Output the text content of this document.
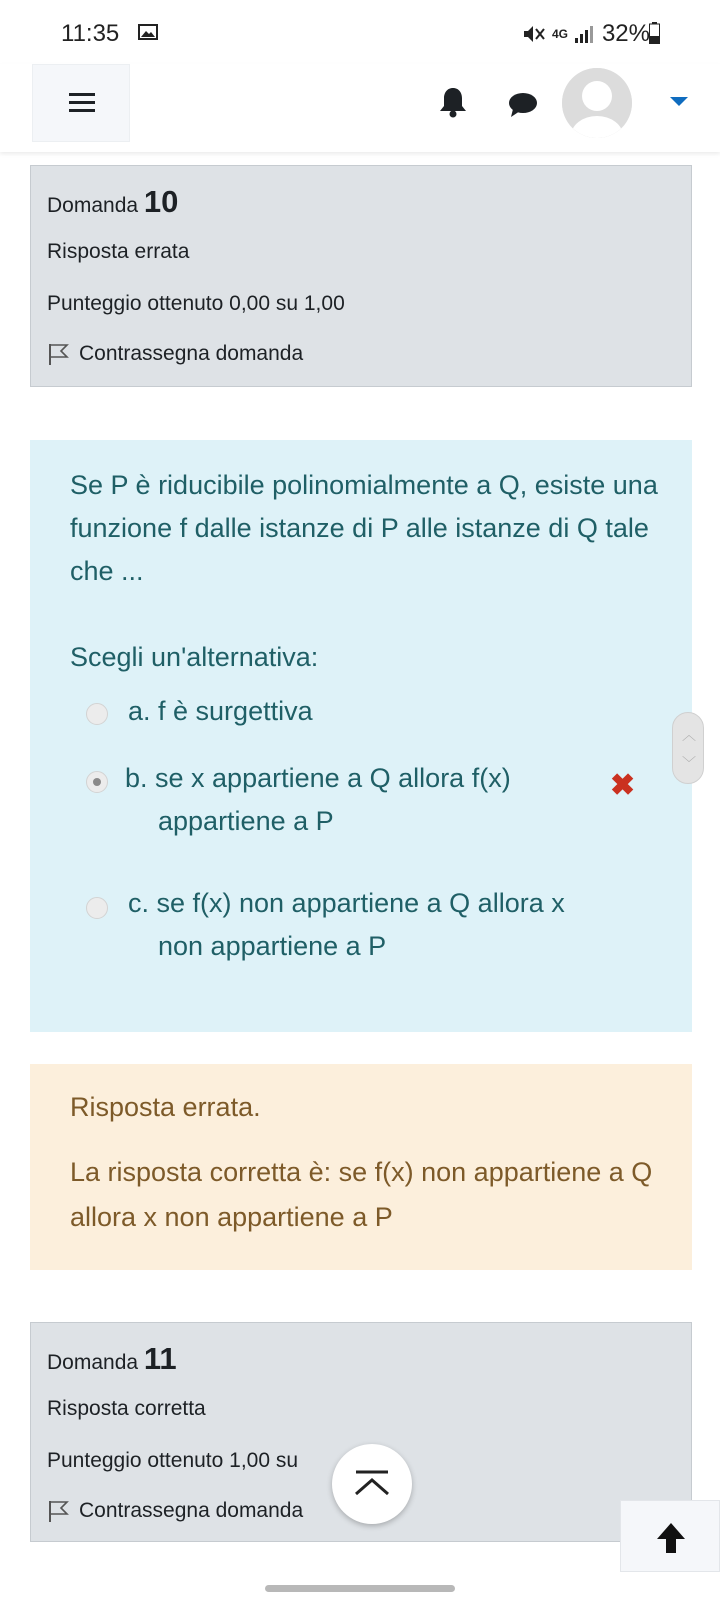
11:35	4G 32%
Domanda 10
Risposta errata
Punteggio ottenuto 0,00 su 1,00
Contrassegna domanda
Se P è riducibile polinomialmente a Q, esiste una funzione f dalle istanze di P alle istanze di Q tale che ...
Scegli un'alternativa:
a. f è surgettiva
b. se x appartiene a Q allora f(x)
appartiene a P
✖
c. se f(x) non appartiene a Q allora x
non appartiene a P
︿
﹀
Risposta errata.
La risposta corretta è: se f(x) non appartiene a Q allora x non appartiene a P
Domanda 11
Risposta corretta
Punteggio ottenuto 1,00 su
Contrassegna domanda
